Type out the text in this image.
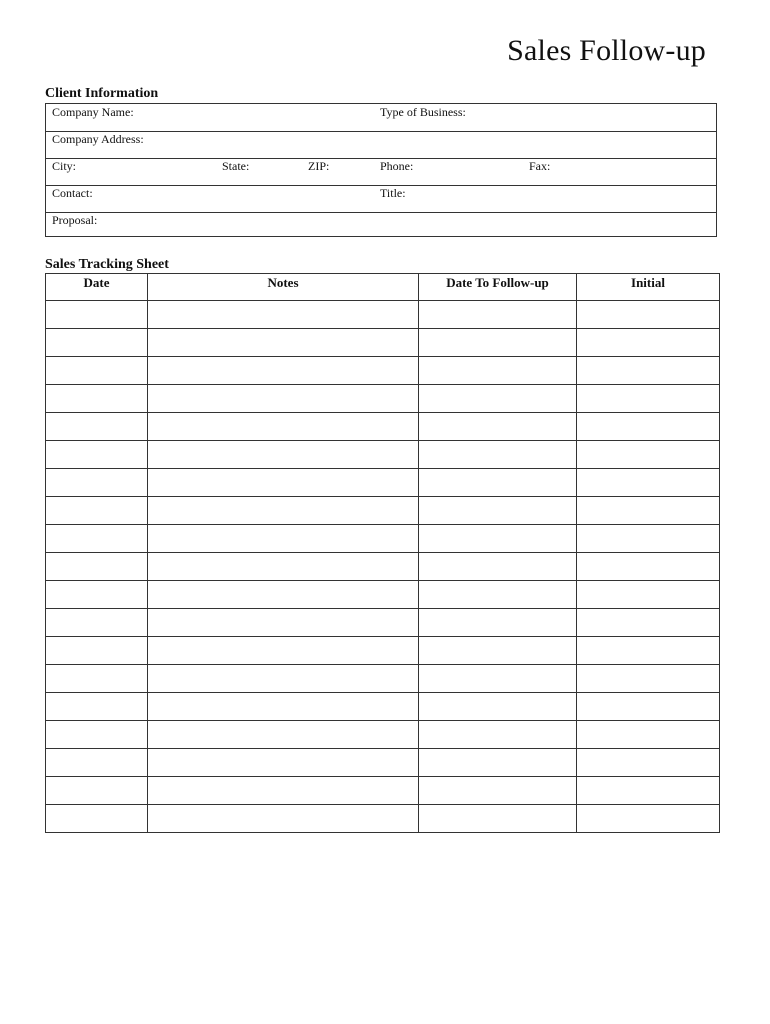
Sales Follow-up
Client Information
Company Name:	Type of Business:
Company Address:
City:	State:	ZIP:	Phone:	Fax:
Contact:	Title:
Proposal:
Sales Tracking Sheet
Date	Notes	Date To Follow-up	Initial
